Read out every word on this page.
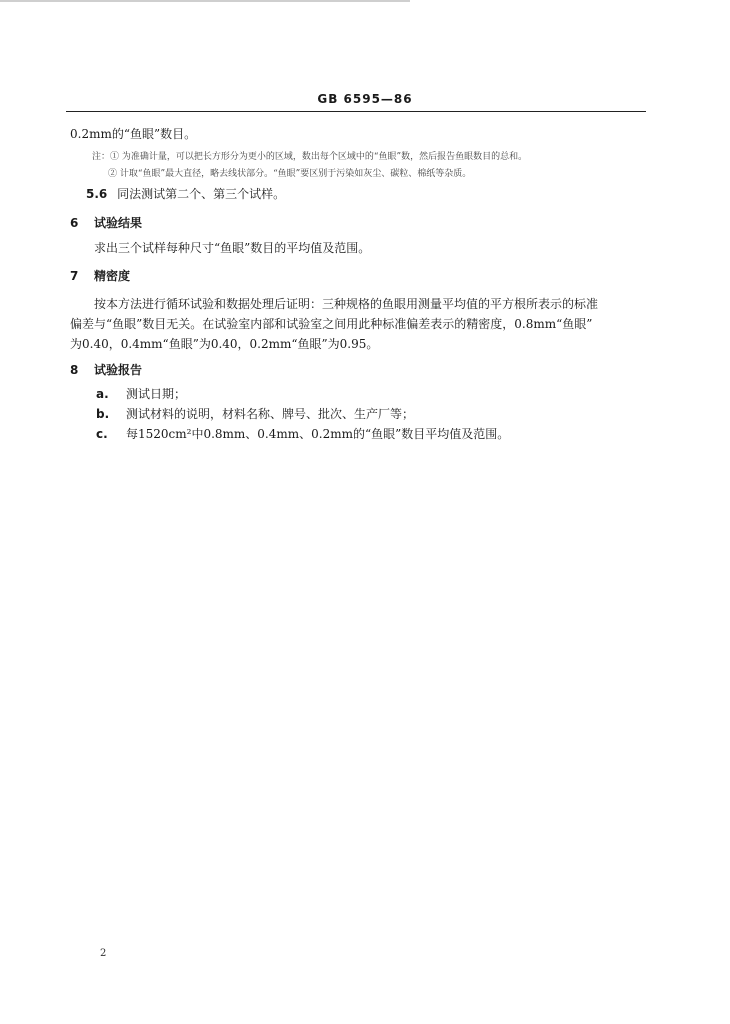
GB 6595—86
0.2mm的“鱼眼”数目。
注：① 为准确计量，可以把长方形分为更小的区域，数出每个区域中的“鱼眼”数，然后报告鱼眼数目的总和。
② 计取“鱼眼”最大直径，略去线状部分。“鱼眼”要区别于污染如灰尘、碳粒、棉纸等杂质。
5.6 同法测试第二个、第三个试样。
6	试验结果
求出三个试样每种尺寸“鱼眼”数目的平均值及范围。
7	精密度
按本方法进行循环试验和数据处理后证明：三种规格的鱼眼用测量平均值的平方根所表示的标准
偏差与“鱼眼”数目无关。在试验室内部和试验室之间用此种标准偏差表示的精密度，0.8mm“鱼眼”
为0.40，0.4mm“鱼眼”为0.40，0.2mm“鱼眼”为0.95。
8	试验报告
a.	测试日期；
b.	测试材料的说明，材料名称、牌号、批次、生产厂等；
c.	每1520cm²中0.8mm、0.4mm、0.2mm的“鱼眼”数目平均值及范围。
2
